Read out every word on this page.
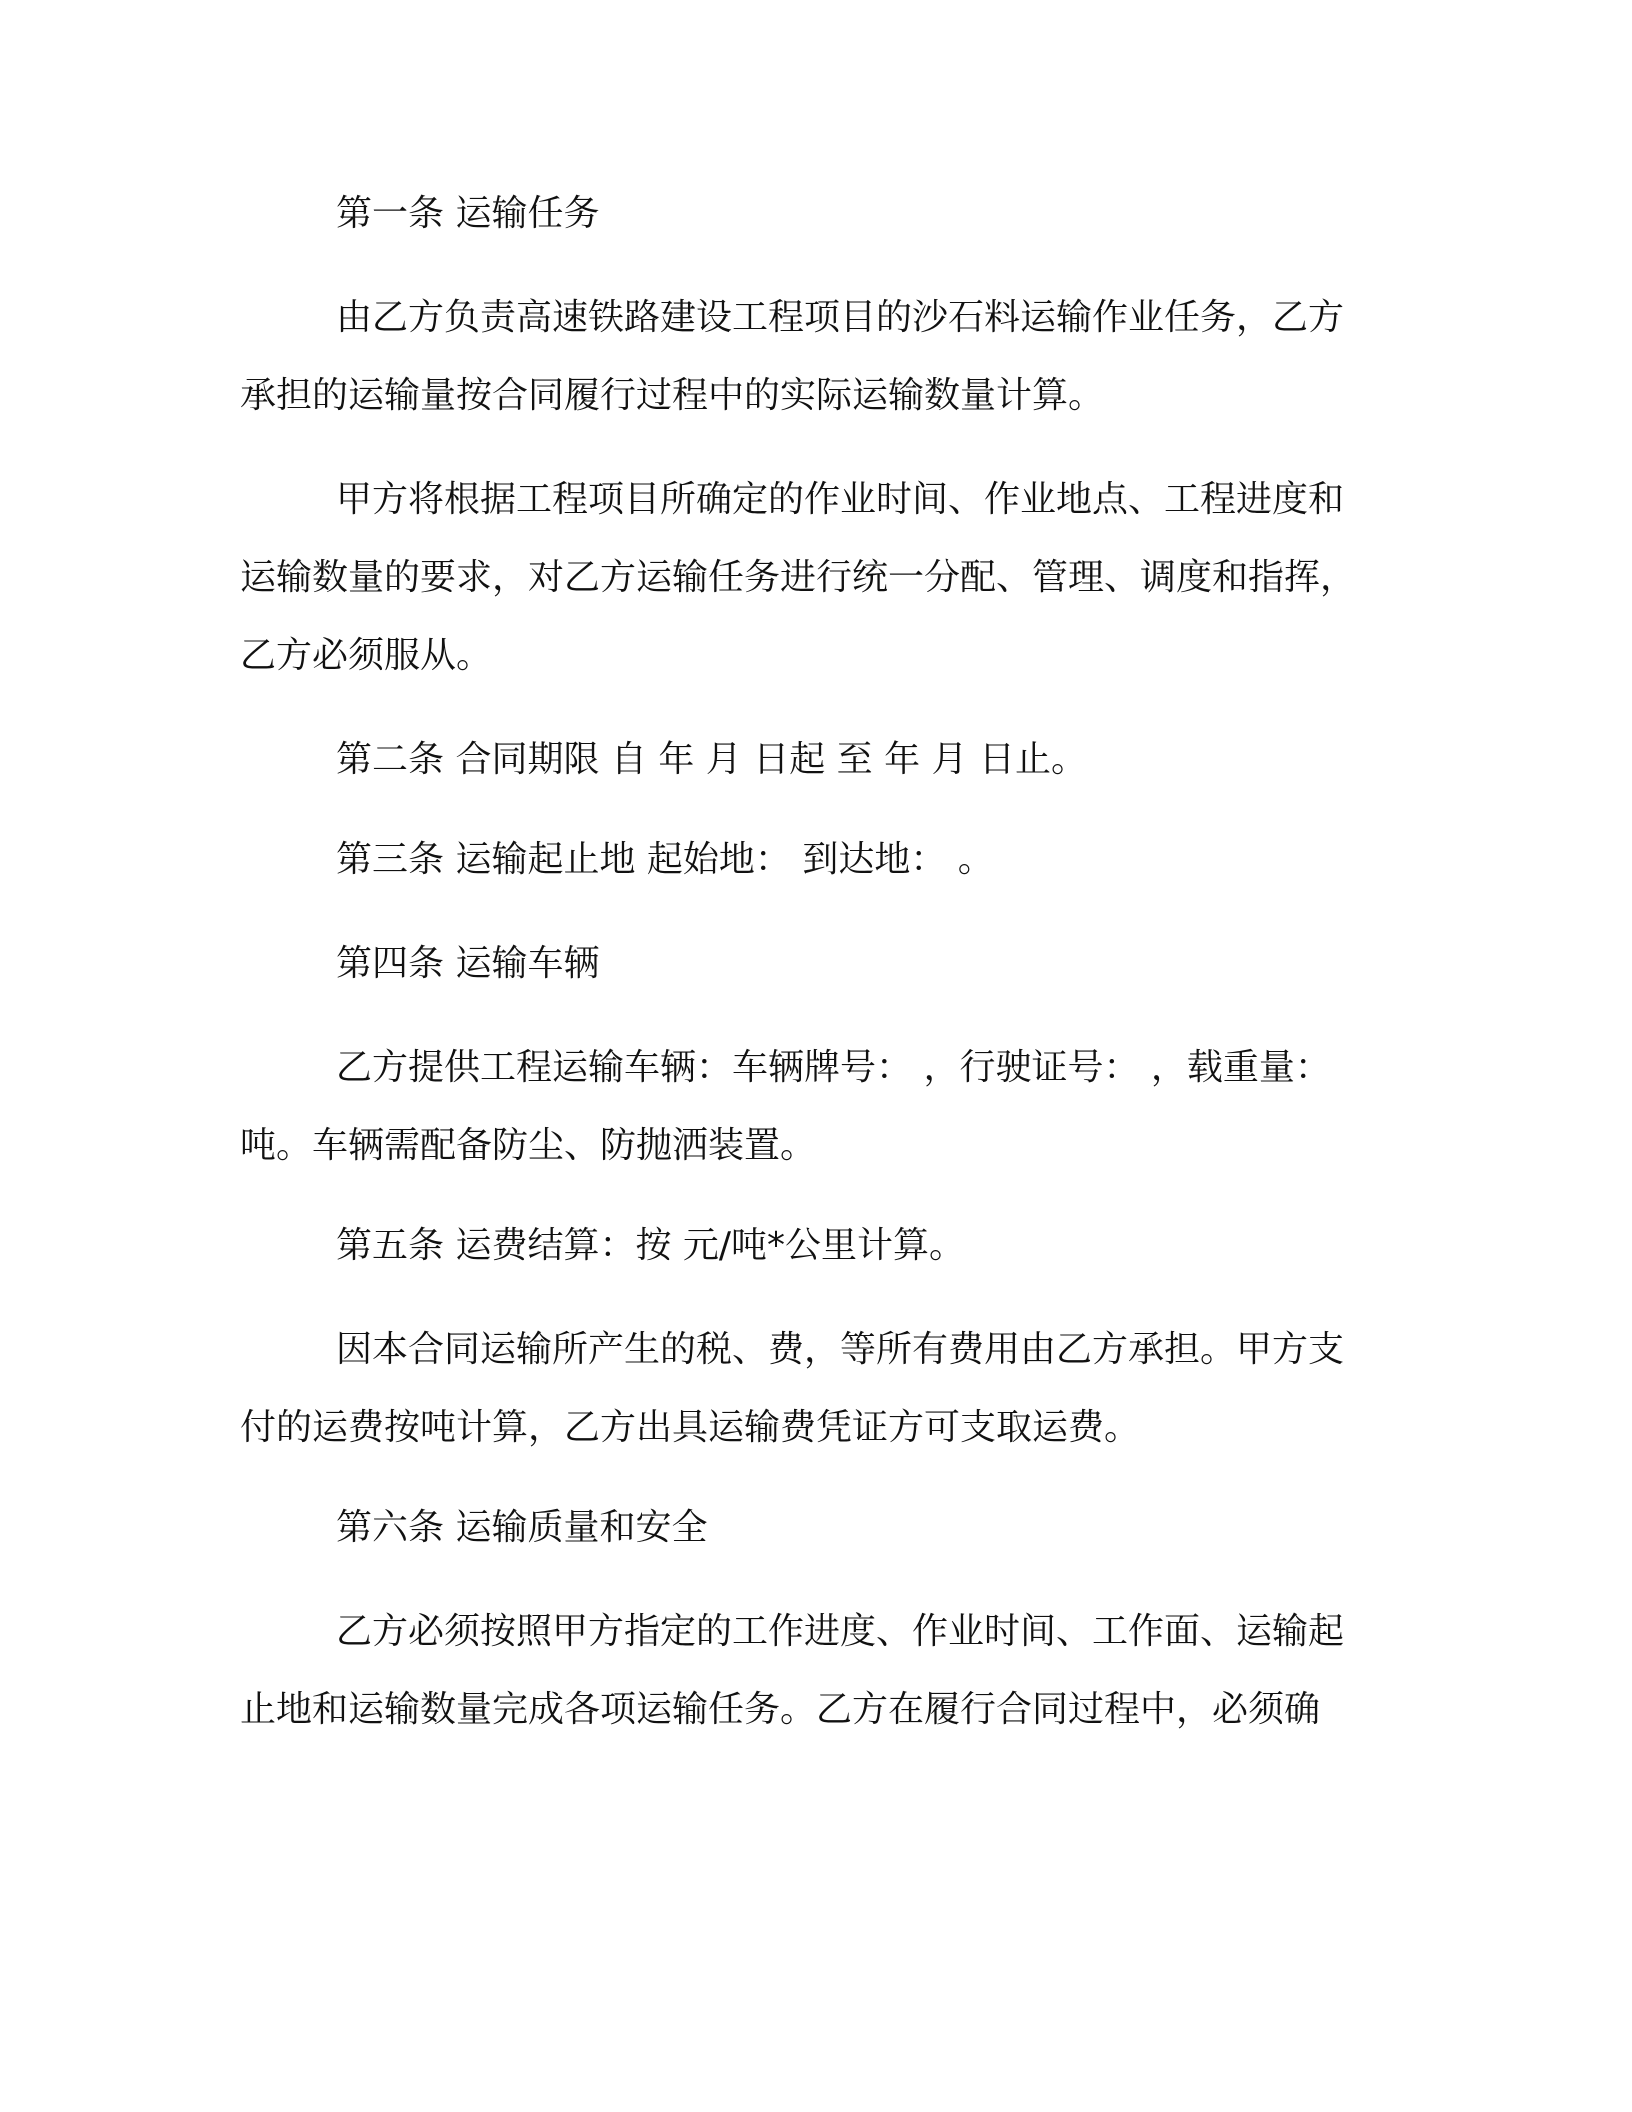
第一条 运输任务
由乙方负责高速铁路建设工程项目的沙石料运输作业任务，乙方
承担的运输量按合同履行过程中的实际运输数量计算。
甲方将根据工程项目所确定的作业时间、作业地点、工程进度和
运输数量的要求，对乙方运输任务进行统一分配、管理、调度和指挥，
乙方必须服从。
第二条 合同期限 自 年 月 日起 至 年 月 日止。
第三条 运输起止地 起始地： 到达地： 。
第四条 运输车辆
乙方提供工程运输车辆：车辆牌号： ，行驶证号： ，载重量：
吨。车辆需配备防尘、防抛洒装置。
第五条 运费结算：按 元/吨*公里计算。
因本合同运输所产生的税、费，等所有费用由乙方承担。甲方支
付的运费按吨计算，乙方出具运输费凭证方可支取运费。
第六条 运输质量和安全
乙方必须按照甲方指定的工作进度、作业时间、工作面、运输起
止地和运输数量完成各项运输任务。乙方在履行合同过程中，必须确
